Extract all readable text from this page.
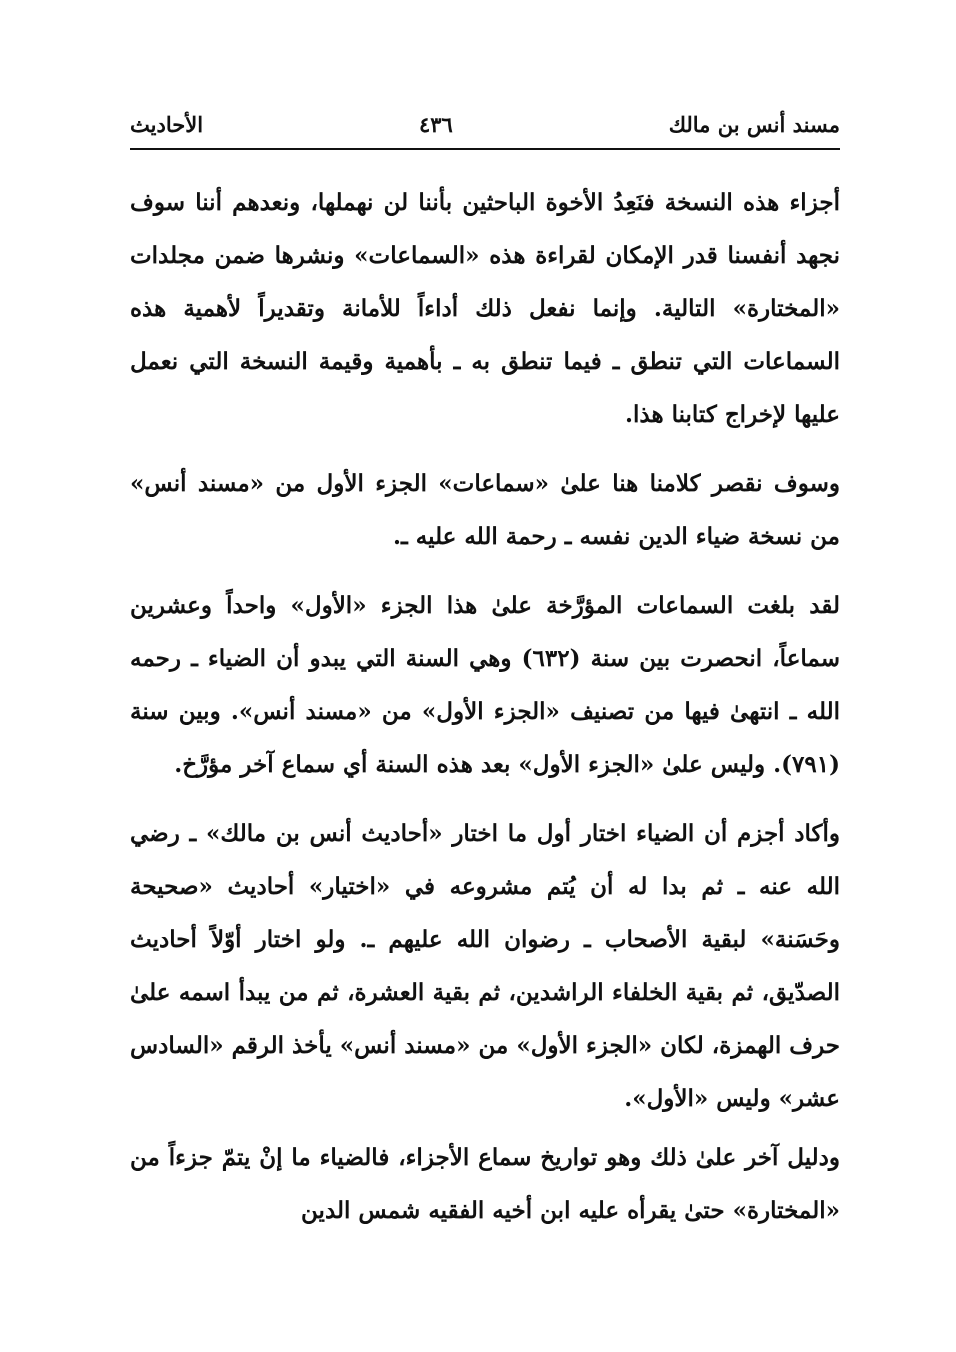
مسند أنس بن مالك
٤٣٦
الأحاديث

أجزاء هذه النسخة فنَعِدُ الأخوة الباحثين بأننا لن نهملها، ونعدهم أننا سوف نجهد أنفسنا قدر الإمكان لقراءة هذه «السماعات» ونشرها ضمن مجلدات «المختارة» التالية. وإنما نفعل ذلك أداءاً للأمانة وتقديراً لأهمية هذه السماعات التي تنطق ـ فيما تنطق به ـ بأهمية وقيمة النسخة التي نعمل عليها لإخراج كتابنا هذا.

وسوف نقصر كلامنا هنا علىٰ «سماعات» الجزء الأول من «مسند أنس» من نسخة ضياء الدين نفسه ـ رحمة الله عليه ـ.

لقد بلغت السماعات المؤرَّخة علىٰ هذا الجزء «الأول» واحداً وعشرين سماعاً، انحصرت بين سنة (٦٣٢) وهي السنة التي يبدو أن الضياء ـ رحمه الله ـ انتهىٰ فيها من تصنيف «الجزء الأول» من «مسند أنس». وبين سنة (٧٩١). وليس علىٰ «الجزء الأول» بعد هذه السنة أي سماع آخر مؤرَّخ.

وأكاد أجزم أن الضياء اختار أول ما اختار «أحاديث أنس بن مالك» ـ رضي الله عنه ـ ثم بدا له أن يُتم مشروعه في «اختيار» أحاديث «صحيحة وحَسَنة» لبقية الأصحاب ـ رضوان الله عليهم ـ. ولو اختار أوّلاً أحاديث الصدّيق، ثم بقية الخلفاء الراشدين، ثم بقية العشرة، ثم من يبدأ اسمه علىٰ حرف الهمزة، لكان «الجزء الأول» من «مسند أنس» يأخذ الرقم «السادس عشر» وليس «الأول».

ودليل آخر علىٰ ذلك وهو تواريخ سماع الأجزاء، فالضياء ما إنْ يتمّ جزءاً من «المختارة» حتىٰ يقرأه عليه ابن أخيه الفقيه شمس الدين
